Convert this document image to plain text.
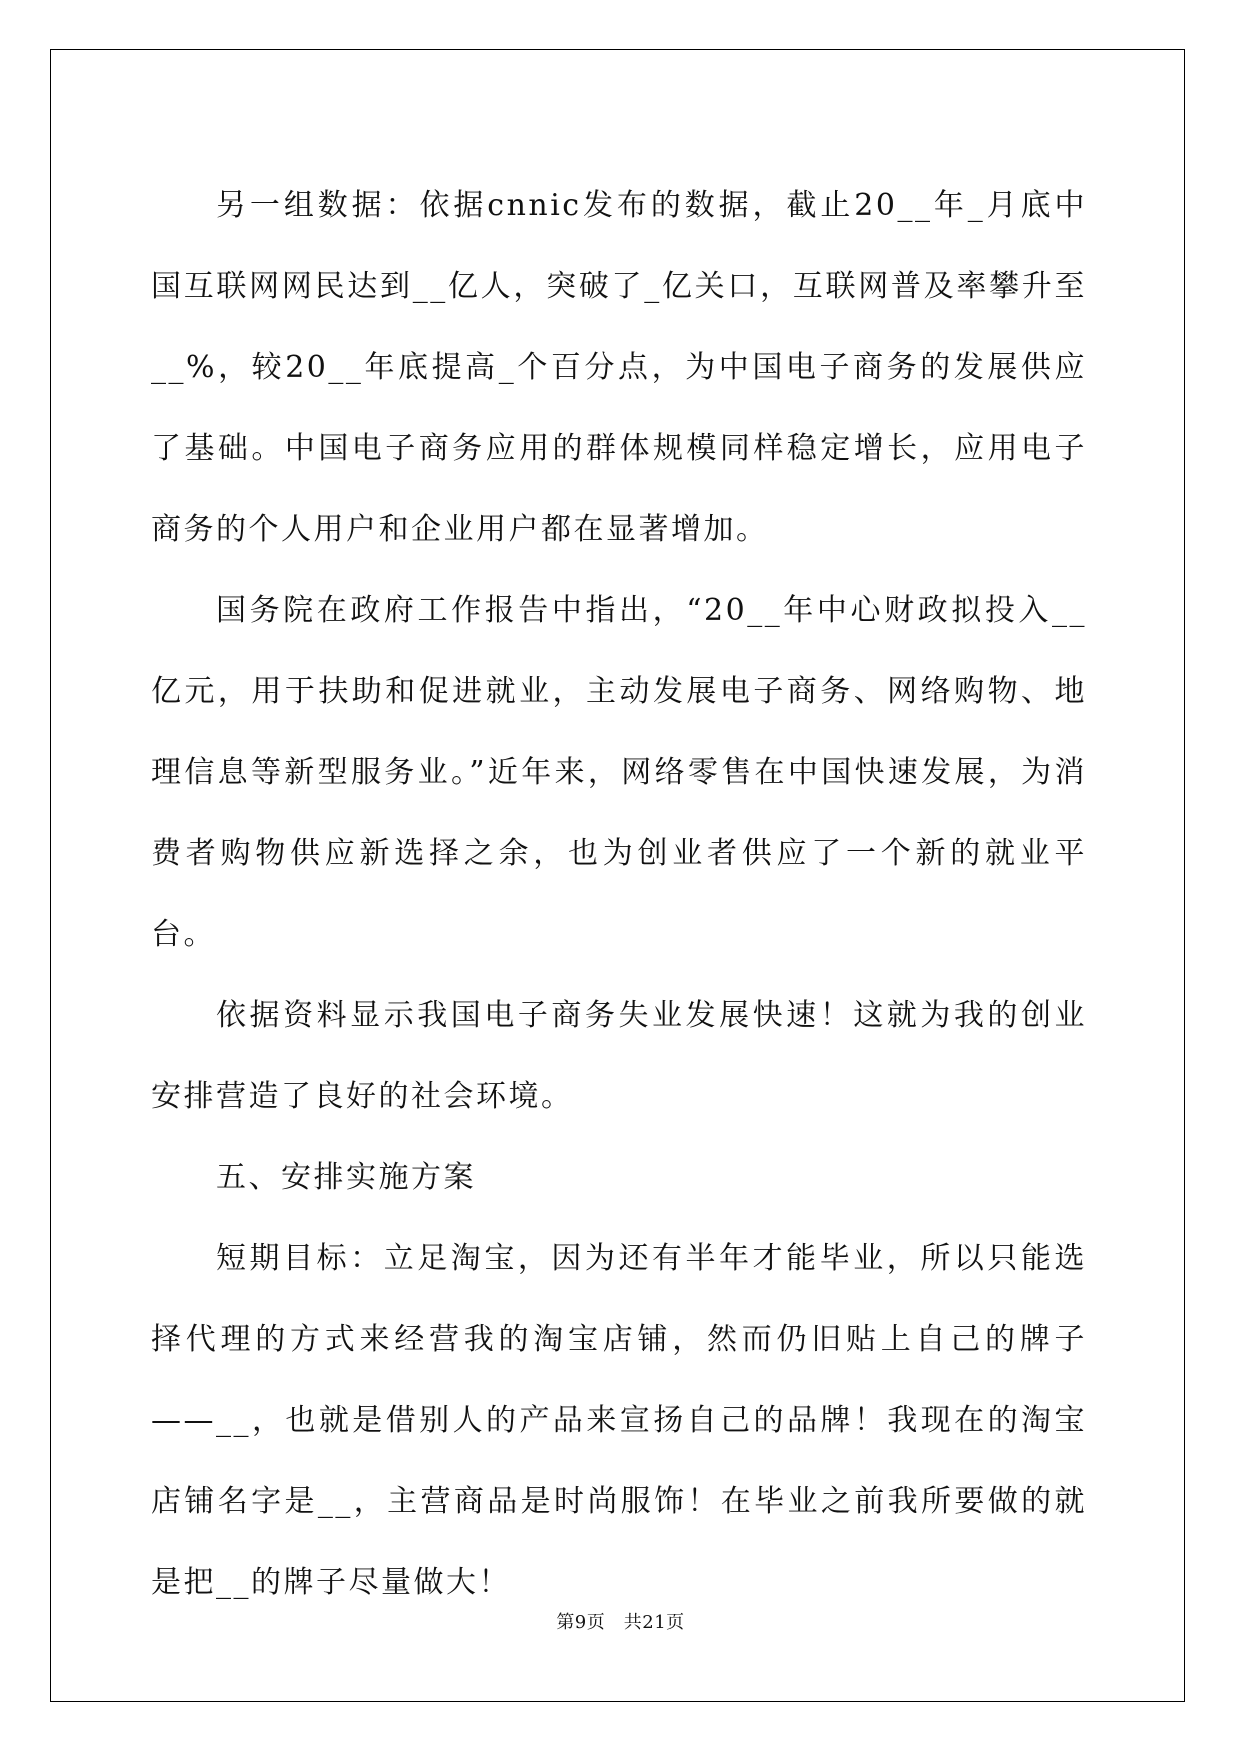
另一组数据：依据cnnic发布的数据，截止20__年_月底中国互联网网民达到__亿人，突破了_亿关口，互联网普及率攀升至__%，较20__年底提高_个百分点，为中国电子商务的发展供应了基础。中国电子商务应用的群体规模同样稳定增长，应用电子商务的个人用户和企业用户都在显著增加。

国务院在政府工作报告中指出，“20__年中心财政拟投入__亿元，用于扶助和促进就业，主动发展电子商务、网络购物、地理信息等新型服务业。”近年来，网络零售在中国快速发展，为消费者购物供应新选择之余，也为创业者供应了一个新的就业平台。

依据资料显示我国电子商务失业发展快速！这就为我的创业安排营造了良好的社会环境。

五、安排实施方案

短期目标：立足淘宝，因为还有半年才能毕业，所以只能选择代理的方式来经营我的淘宝店铺，然而仍旧贴上自己的牌子——__，也就是借别人的产品来宣扬自己的品牌！我现在的淘宝店铺名字是__，主营商品是时尚服饰！在毕业之前我所要做的就是把__的牌子尽量做大！

第9页　共21页
